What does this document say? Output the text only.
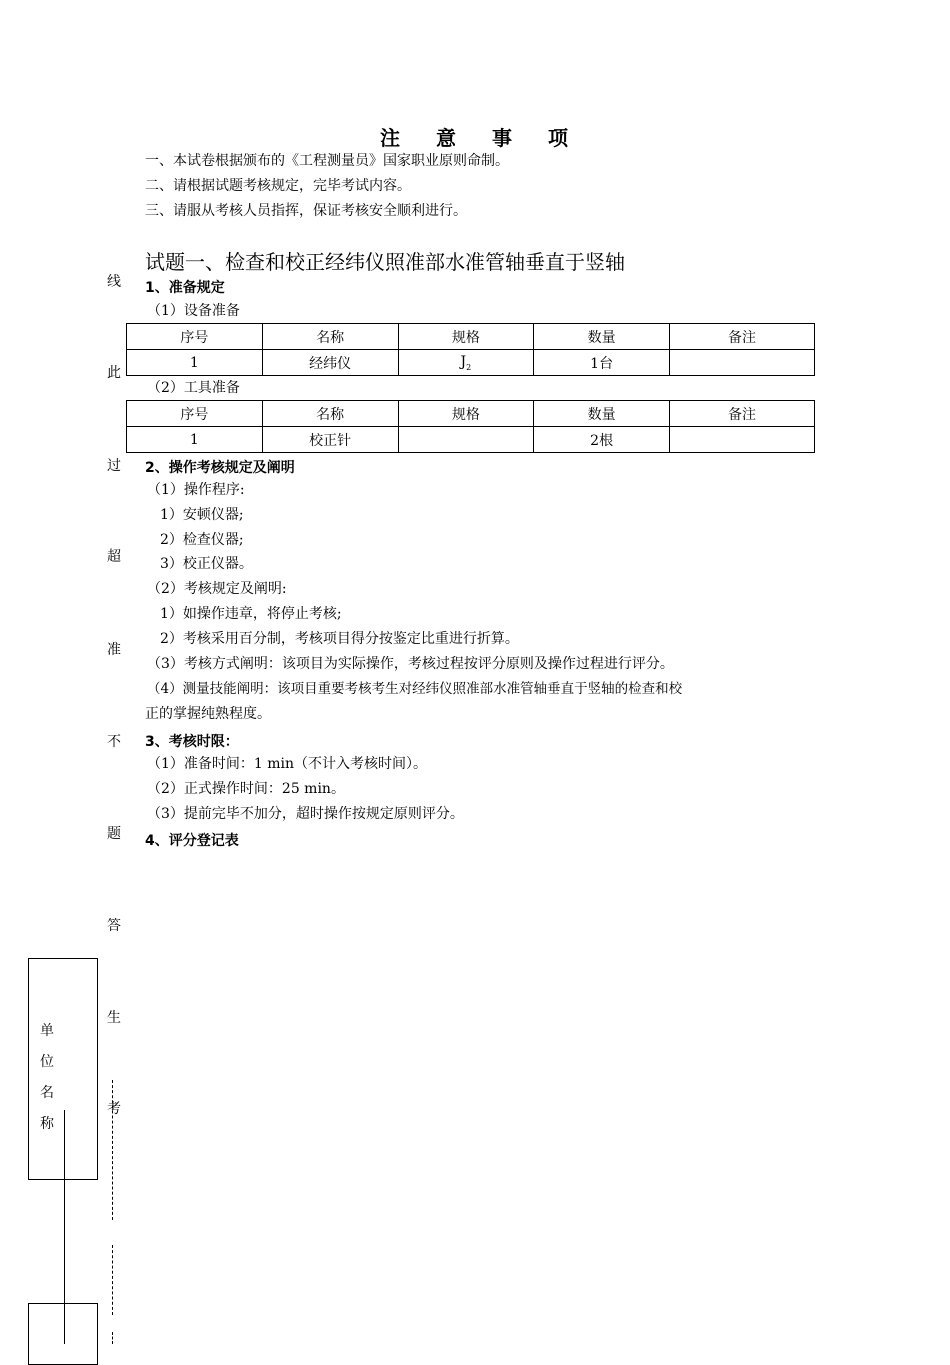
注 意 事 项
一、本试卷根据颁布的《工程测量员》国家职业原则命制。
二、请根据试题考核规定，完毕考试内容。
三、请服从考核人员指挥，保证考核安全顺利进行。
试题一、检查和校正经纬仪照准部水准管轴垂直于竖轴
1、准备规定
（1）设备准备
序号	名称	规格	数量	备注
1	经纬仪	$J_2$	1台	
（2）工具准备
序号	名称	规格	数量	备注
1	校正针		2根	
2、操作考核规定及阐明
（1）操作程序:
1）安顿仪器;
2）检查仪器;
3）校正仪器。
（2）考核规定及阐明:
1）如操作违章，将停止考核;
2）考核采用百分制，考核项目得分按鉴定比重进行折算。
（3）考核方式阐明：该项目为实际操作，考核过程按评分原则及操作过程进行评分。
（4）测量技能阐明：该项目重要考核考生对经纬仪照准部水准管轴垂直于竖轴的检查和校
正的掌握纯熟程度。
3、考核时限：
（1）准备时间：1 min（不计入考核时间）。
（2）正式操作时间：25 min。
（3）提前完毕不加分，超时操作按规定原则评分。
4、评分登记表
线
此
过
超
准
不
题
答
生
考
单
位
名
称
